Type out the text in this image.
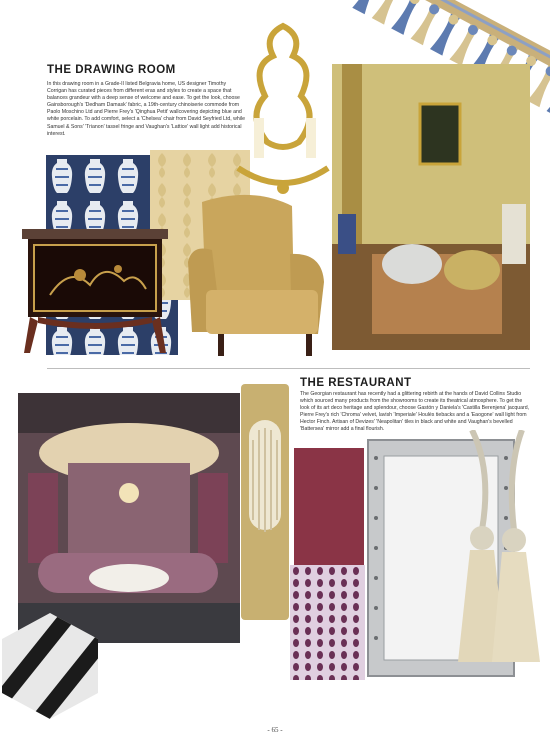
THE DRAWING ROOM
In this drawing room in a Grade-II listed Belgravia home, US designer Timothy Corrigan has curated pieces from different eras and styles to create a space that balances grandeur with a deep sense of welcome and ease. To get the look, choose Gainsborough's 'Dedham Damask' fabric, a 19th-century chinoiserie commode from Paolo Moschino Ltd and Pierre Frey's 'Qinghua Petit' wallcovering depicting blue and white porcelain. To add comfort, select a 'Chelsea' chair from David Seyfried Ltd, while Samuel & Sons' 'Trianon' tassel fringe and Vaughan's 'Lattice' wall light add historical interest.
THE RESTAURANT
The Georgian restaurant has recently had a glittering rebirth at the hands of David Collins Studio which sourced many products from the showrooms to create its theatrical atmosphere. To get the look of its art deco heritage and splendour, choose Gastón y Daniela's 'Castilla Berenjena' jacquard, Pierre Frey's rich 'Chroma' velvet, lavish 'Imperiale' Houlès tiebacks and a 'Eaogone' wall light from Hector Finch. Artisan of Devizes' 'Neapolitan' tiles in black and white and Vaughan's bevelled 'Battersea' mirror add a final flourish.
- 65 -
